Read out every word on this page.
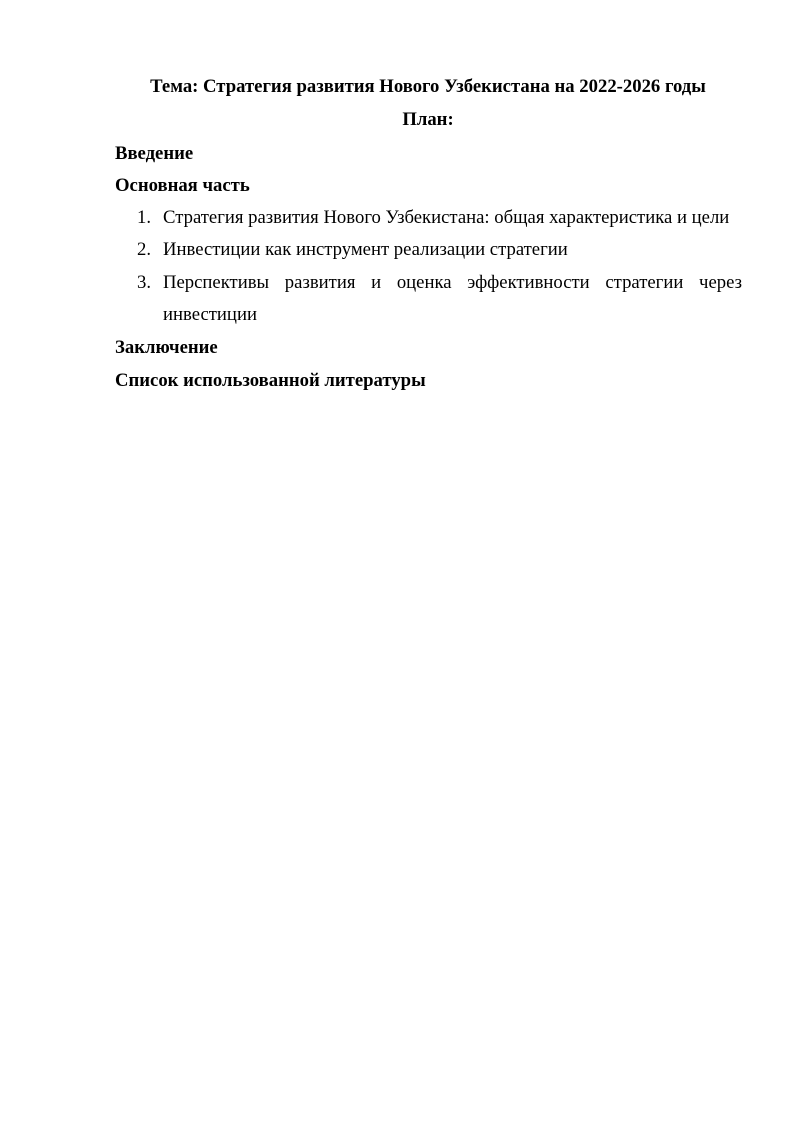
Тема: Стратегия развития Нового Узбекистана на 2022-2026 годы
План:
Введение
Основная часть
1. Стратегия развития Нового Узбекистана: общая характеристика и цели
2. Инвестиции как инструмент реализации стратегии
3. Перспективы развития и оценка эффективности стратегии через
инвестиции
Заключение
Список использованной литературы
